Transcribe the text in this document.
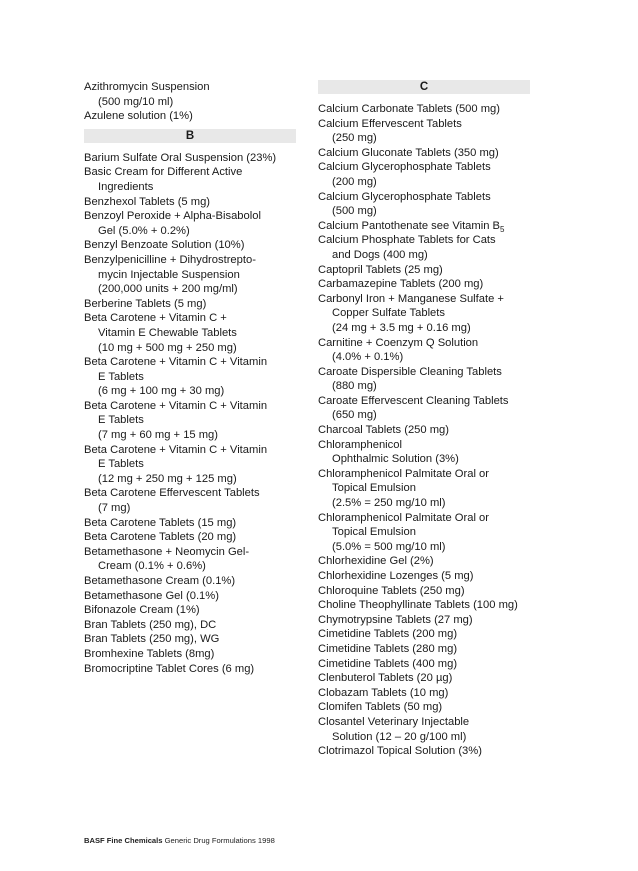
Azithromycin Suspension
(500 mg/10 ml)

Azulene solution (1%)

B

Barium Sulfate Oral Suspension (23%)

Basic Cream for Different Active
Ingredients

Benzhexol Tablets (5 mg)

Benzoyl Peroxide + Alpha-Bisabolol
Gel (5.0% + 0.2%)

Benzyl Benzoate Solution (10%)

Benzylpenicilline + Dihydrostrepto-
mycin Injectable Suspension
(200,000 units + 200 mg/ml)

Berberine Tablets (5 mg)

Beta Carotene + Vitamin C +
Vitamin E Chewable Tablets
(10 mg + 500 mg + 250 mg)

Beta Carotene + Vitamin C + Vitamin
E Tablets
(6 mg + 100 mg + 30 mg)

Beta Carotene + Vitamin C + Vitamin
E Tablets
(7 mg + 60 mg + 15 mg)

Beta Carotene + Vitamin C + Vitamin
E Tablets
(12 mg + 250 mg + 125 mg)

Beta Carotene Effervescent Tablets
(7 mg)

Beta Carotene Tablets (15 mg)

Beta Carotene Tablets (20 mg)

Betamethasone + Neomycin Gel-
Cream (0.1% + 0.6%)

Betamethasone Cream (0.1%)

Betamethasone Gel (0.1%)

Bifonazole Cream (1%)

Bran Tablets (250 mg), DC

Bran Tablets (250 mg), WG

Bromhexine Tablets (8mg)

Bromocriptine Tablet Cores (6 mg)

C

Calcium Carbonate Tablets (500 mg)

Calcium Effervescent Tablets
(250 mg)

Calcium Gluconate Tablets (350 mg)

Calcium Glycerophosphate Tablets
(200 mg)

Calcium Glycerophosphate Tablets
(500 mg)

Calcium Pantothenate see Vitamin $B_5$

Calcium Phosphate Tablets for Cats
and Dogs (400 mg)

Captopril Tablets (25 mg)

Carbamazepine Tablets (200 mg)

Carbonyl Iron + Manganese Sulfate +
Copper Sulfate Tablets
(24 mg + 3.5 mg + 0.16 mg)

Carnitine + Coenzym Q Solution
(4.0% + 0.1%)

Caroate Dispersible Cleaning Tablets
(880 mg)

Caroate Effervescent Cleaning Tablets
(650 mg)

Charcoal Tablets (250 mg)

Chloramphenicol
Ophthalmic Solution (3%)

Chloramphenicol Palmitate Oral or
Topical Emulsion
(2.5% = 250 mg/10 ml)

Chloramphenicol Palmitate Oral or
Topical Emulsion
(5.0% = 500 mg/10 ml)

Chlorhexidine Gel (2%)

Chlorhexidine Lozenges (5 mg)

Chloroquine Tablets (250 mg)

Choline Theophyllinate Tablets (100 mg)

Chymotrypsine Tablets (27 mg)

Cimetidine Tablets (200 mg)

Cimetidine Tablets (280 mg)

Cimetidine Tablets (400 mg)

Clenbuterol Tablets (20 µg)

Clobazam Tablets (10 mg)

Clomifen Tablets (50 mg)

Closantel Veterinary Injectable
Solution (12 – 20 g/100 ml)

Clotrimazol Topical Solution (3%)

BASF Fine Chemicals Generic Drug Formulations 1998
